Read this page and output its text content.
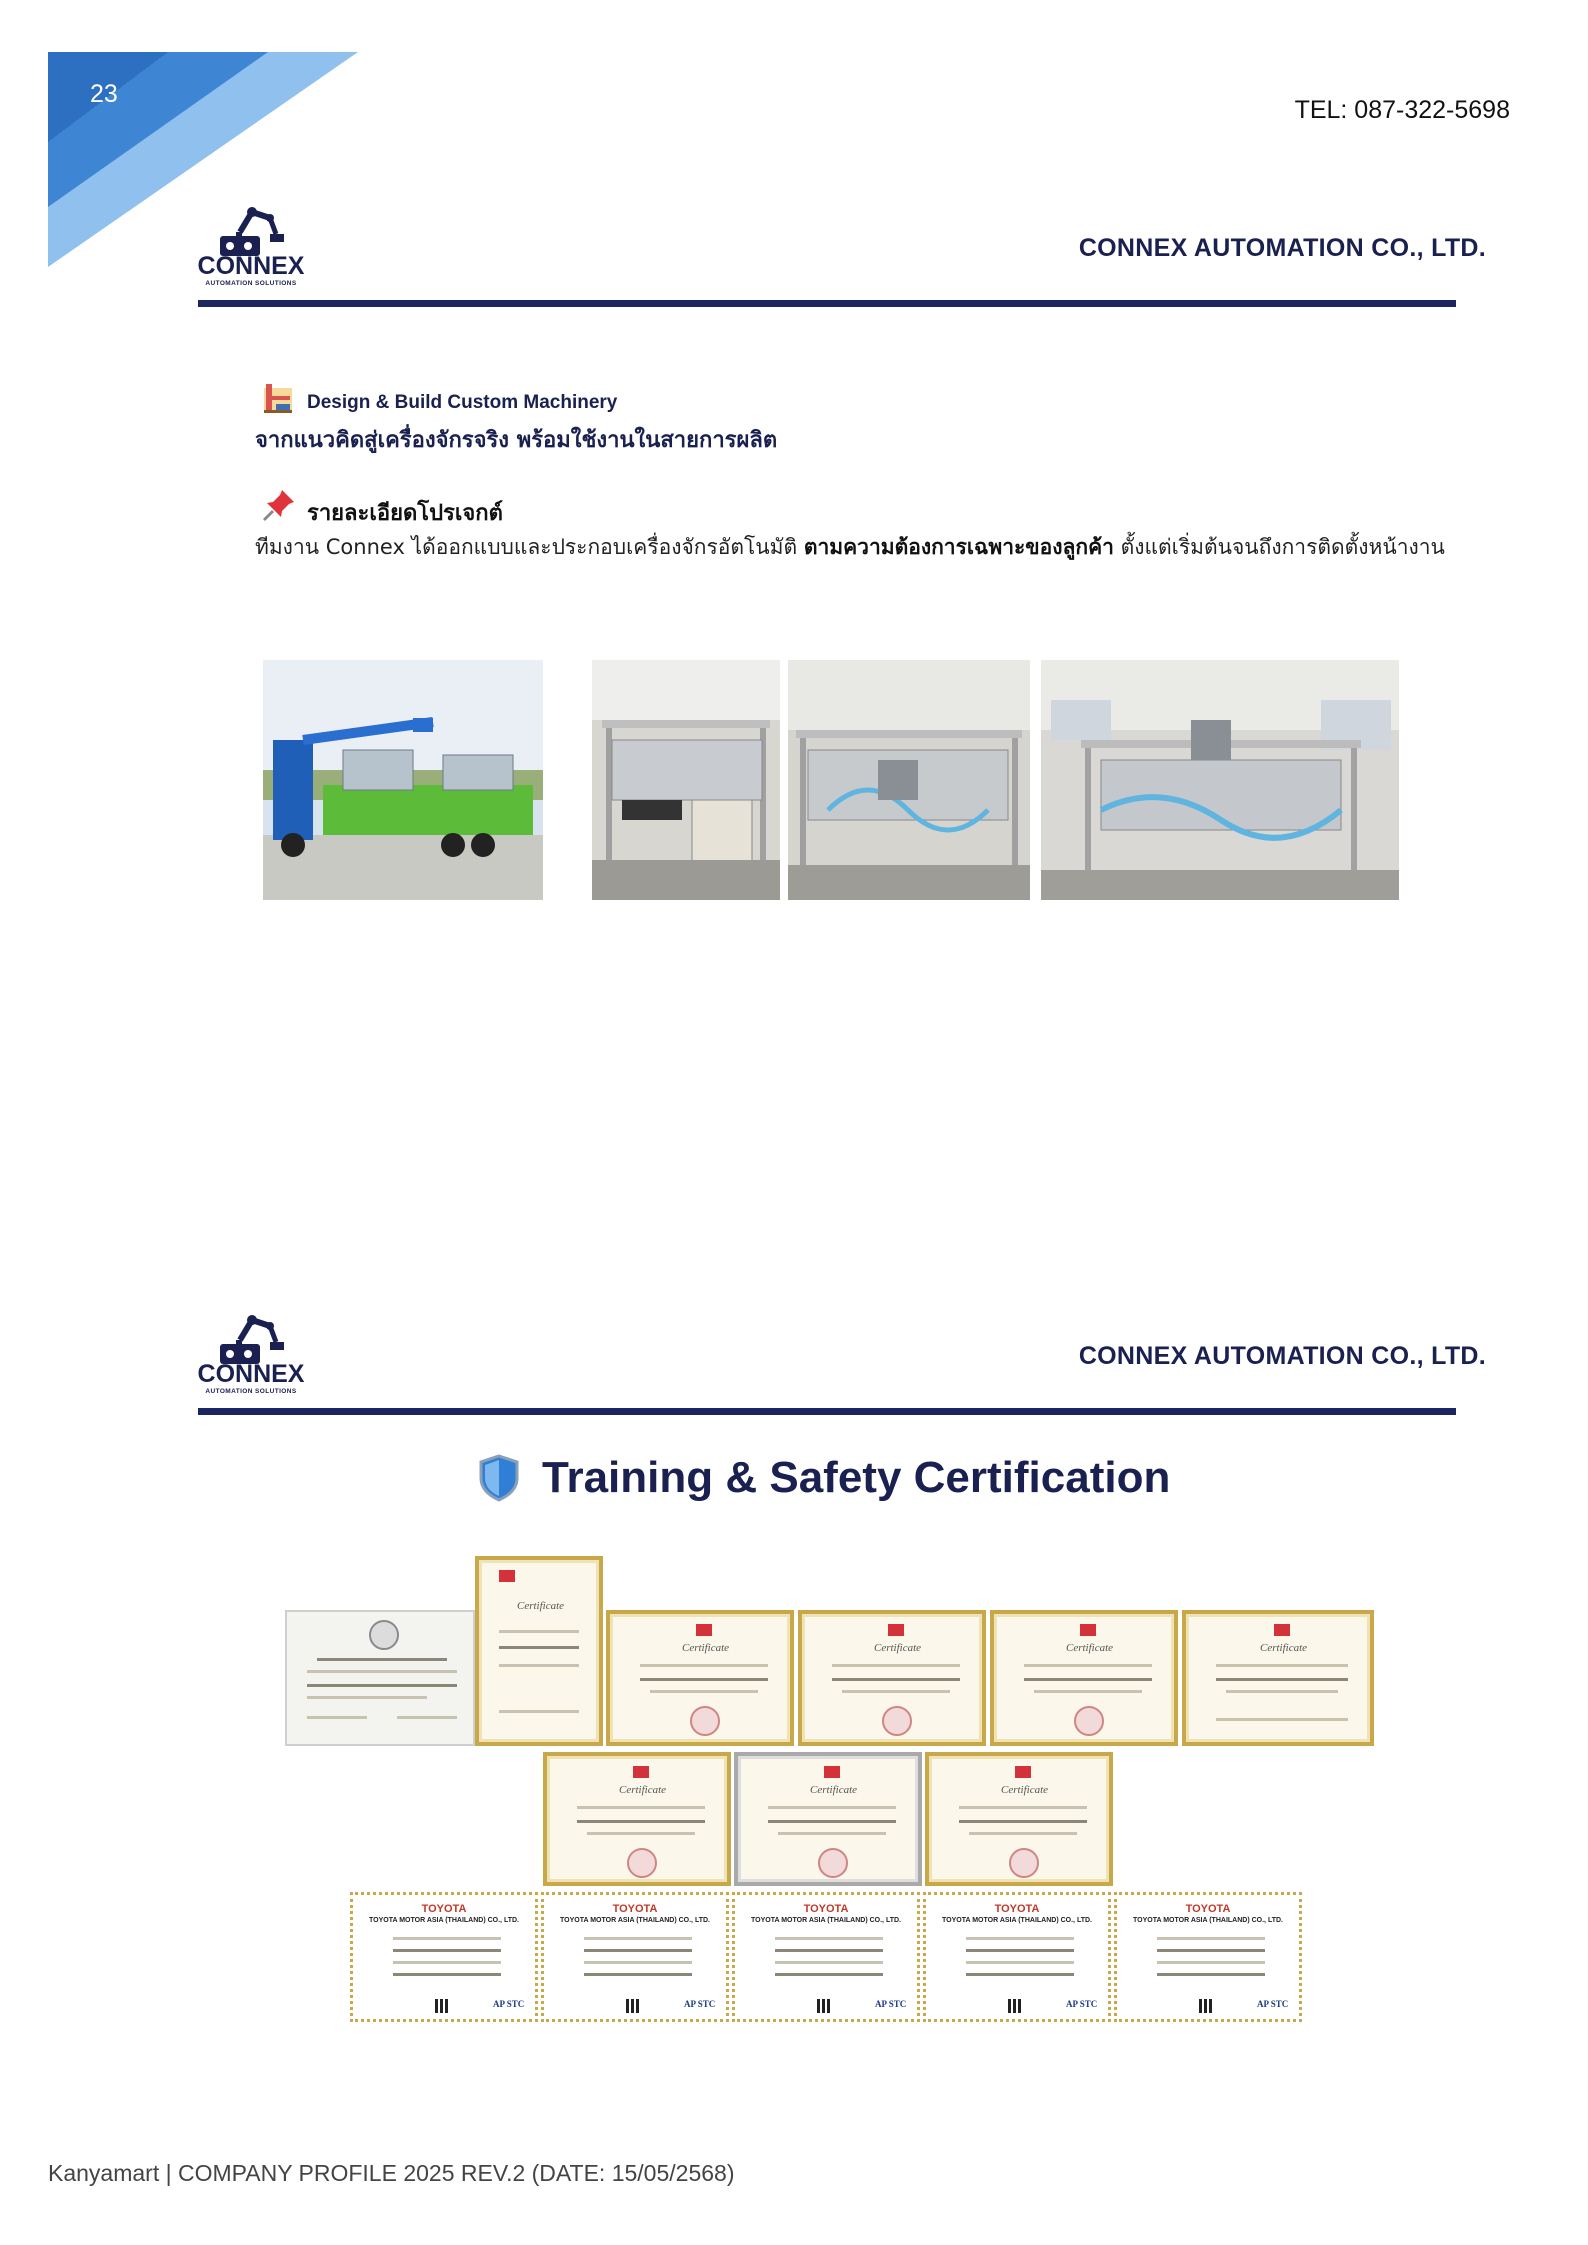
23
TEL: 087-322-5698
CONNEX
AUTOMATION SOLUTIONS
CONNEX AUTOMATION CO., LTD.
Design & Build Custom Machinery
จากแนวคิดสู่เครื่องจักรจริง พร้อมใช้งานในสายการผลิต
รายละเอียดโปรเจกต์
ทีมงาน Connex ได้ออกแบบและประกอบเครื่องจักรอัตโนมัติ ตามความต้องการเฉพาะของลูกค้า ตั้งแต่เริ่มต้นจนถึงการติดตั้งหน้างาน
CONNEX
AUTOMATION SOLUTIONS
CONNEX AUTOMATION CO., LTD.
Training & Safety Certification
Certificate
Certificate	Certificate	Certificate	Certificate
Certificate	Certificate	Certificate
TOYOTA
TOYOTA MOTOR ASIA (THAILAND) CO., LTD.
AP STC
TOYOTA
TOYOTA MOTOR ASIA (THAILAND) CO., LTD.
AP STC
TOYOTA
TOYOTA MOTOR ASIA (THAILAND) CO., LTD.
AP STC
TOYOTA
TOYOTA MOTOR ASIA (THAILAND) CO., LTD.
AP STC
TOYOTA
TOYOTA MOTOR ASIA (THAILAND) CO., LTD.
AP STC
Kanyamart | COMPANY PROFILE 2025 REV.2 (DATE: 15/05/2568)
